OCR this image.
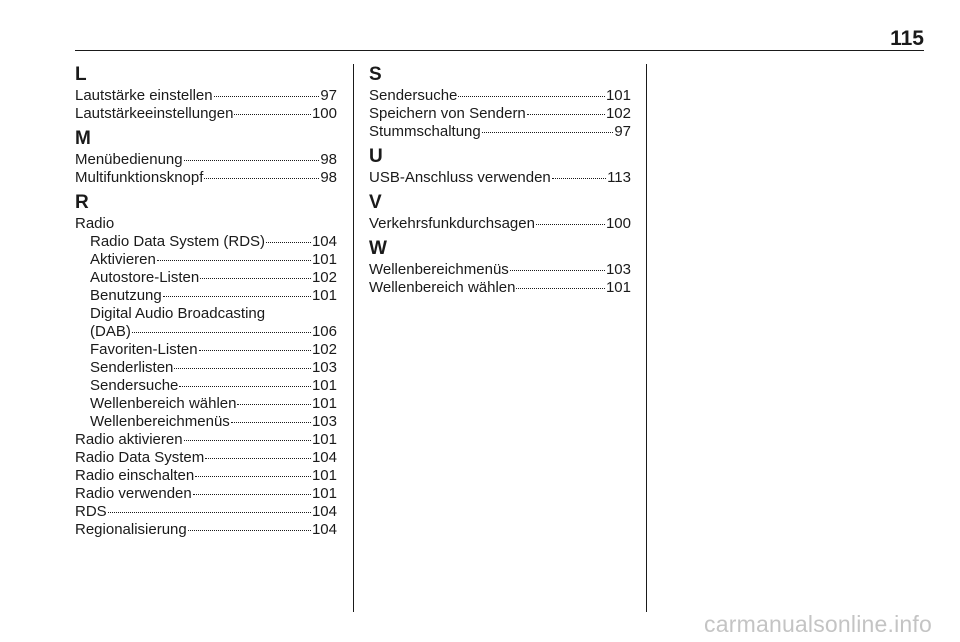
115
L
Lautstärke einstellen	97
Lautstärkeeinstellungen	100
M
Menübedienung	98
Multifunktionsknopf	98
R
Radio
Radio Data System (RDS)	104
Aktivieren	101
Autostore-Listen	102
Benutzung	101
Digital Audio Broadcasting
(DAB)	106
Favoriten-Listen	102
Senderlisten	103
Sendersuche	101
Wellenbereich wählen	101
Wellenbereichmenüs	103
Radio aktivieren	101
Radio Data System	104
Radio einschalten	101
Radio verwenden	101
RDS	104
Regionalisierung	104
S
Sendersuche	101
Speichern von Sendern	102
Stummschaltung	97
U
USB-Anschluss verwenden	113
V
Verkehrsfunkdurchsagen	100
W
Wellenbereichmenüs	103
Wellenbereich wählen	101
carmanualsonline.info
